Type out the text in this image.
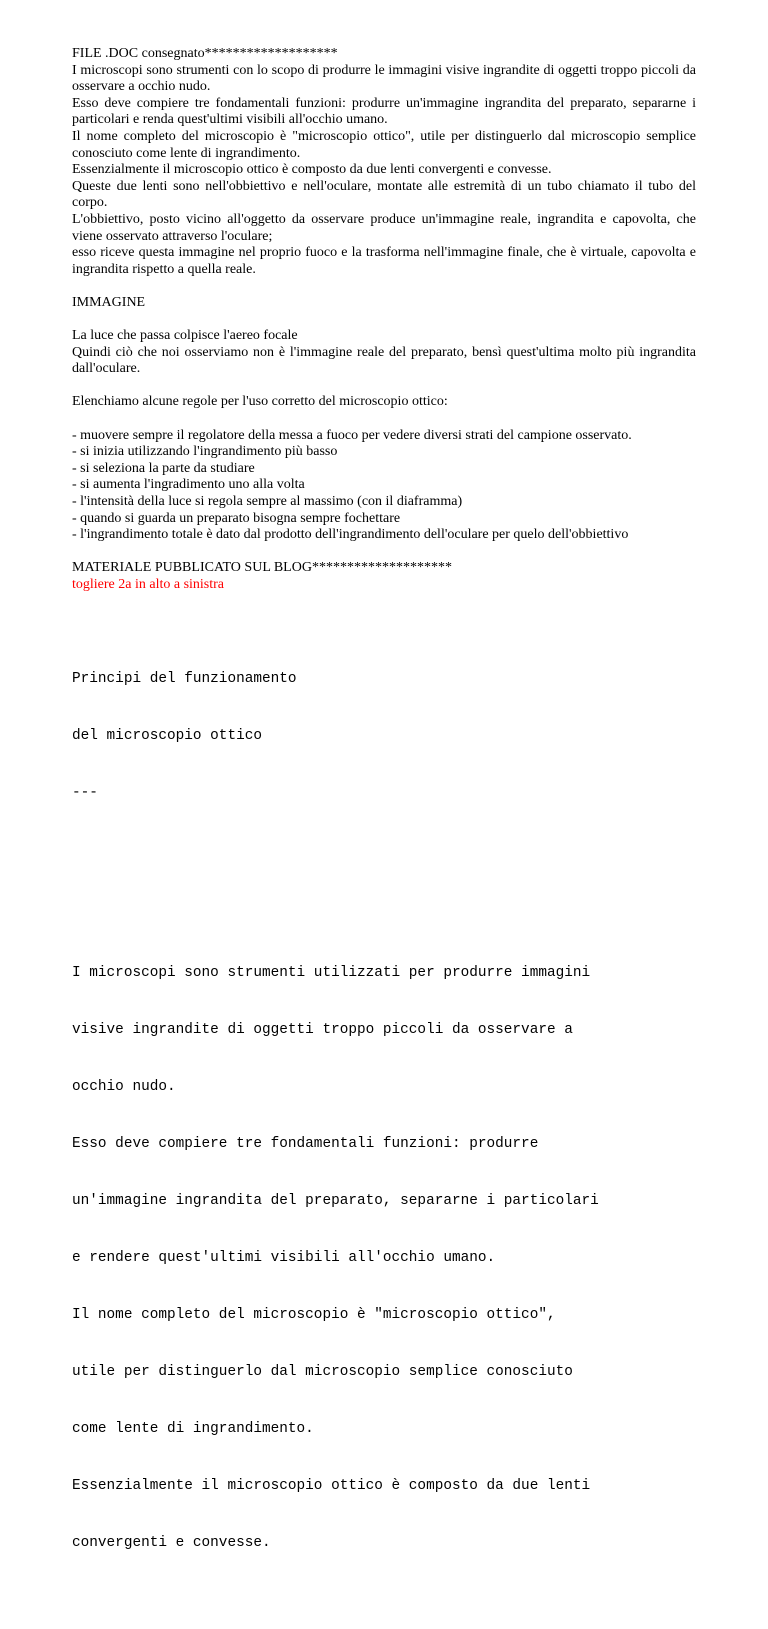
FILE .DOC consegnato*******************

I microscopi sono strumenti con lo scopo di produrre le immagini visive ingrandite di oggetti troppo piccoli da osservare a occhio nudo.

Esso deve compiere tre fondamentali funzioni: produrre un'immagine ingrandita del preparato, separarne i particolari e renda quest'ultimi visibili all'occhio umano.

Il nome completo del microscopio è "microscopio ottico", utile per distinguerlo dal microscopio semplice conosciuto come lente di ingrandimento.

Essenzialmente il microscopio ottico è composto da due lenti convergenti e convesse.

Queste due lenti sono nell'obbiettivo e nell'oculare, montate alle estremità di un tubo chiamato il tubo del corpo.

L'obbiettivo, posto vicino all'oggetto da osservare produce un'immagine reale, ingrandita e capovolta, che viene osservato attraverso l'oculare;

esso riceve questa immagine nel proprio fuoco e la trasforma nell'immagine finale, che è virtuale, capovolta e ingrandita rispetto a quella reale.

IMMAGINE

La luce che passa colpisce l'aereo focale

Quindi ciò che noi osserviamo non è l'immagine reale del preparato, bensì quest'ultima molto più ingrandita dall'oculare.

Elenchiamo alcune regole per l'uso corretto del microscopio ottico:

- muovere sempre il regolatore della messa a fuoco per vedere diversi strati del campione osservato.
- si inizia utilizzando l'ingrandimento più basso
- si seleziona la parte da studiare
- si aumenta l'ingradimento uno alla volta
- l'intensità della luce si regola sempre al massimo (con il diaframma)
- quando si guarda un preparato bisogna sempre fochettare
- l'ingrandimento totale è dato dal prodotto dell'ingrandimento dell'oculare per quelo dell'obbiettivo

MATERIALE PUBBLICATO SUL BLOG********************

togliere 2a in alto a sinistra

Principi del funzionamento

del microscopio ottico

---

I microscopi sono strumenti utilizzati per produrre immagini

visive ingrandite di oggetti troppo piccoli da osservare a

occhio nudo.

Esso deve compiere tre fondamentali funzioni: produrre

un'immagine ingrandita del preparato, separarne i particolari

e rendere quest'ultimi visibili all'occhio umano.

Il nome completo del microscopio è "microscopio ottico",

utile per distinguerlo dal microscopio semplice conosciuto

come lente di ingrandimento.

Essenzialmente il microscopio ottico è composto da due lenti

convergenti e convesse.
